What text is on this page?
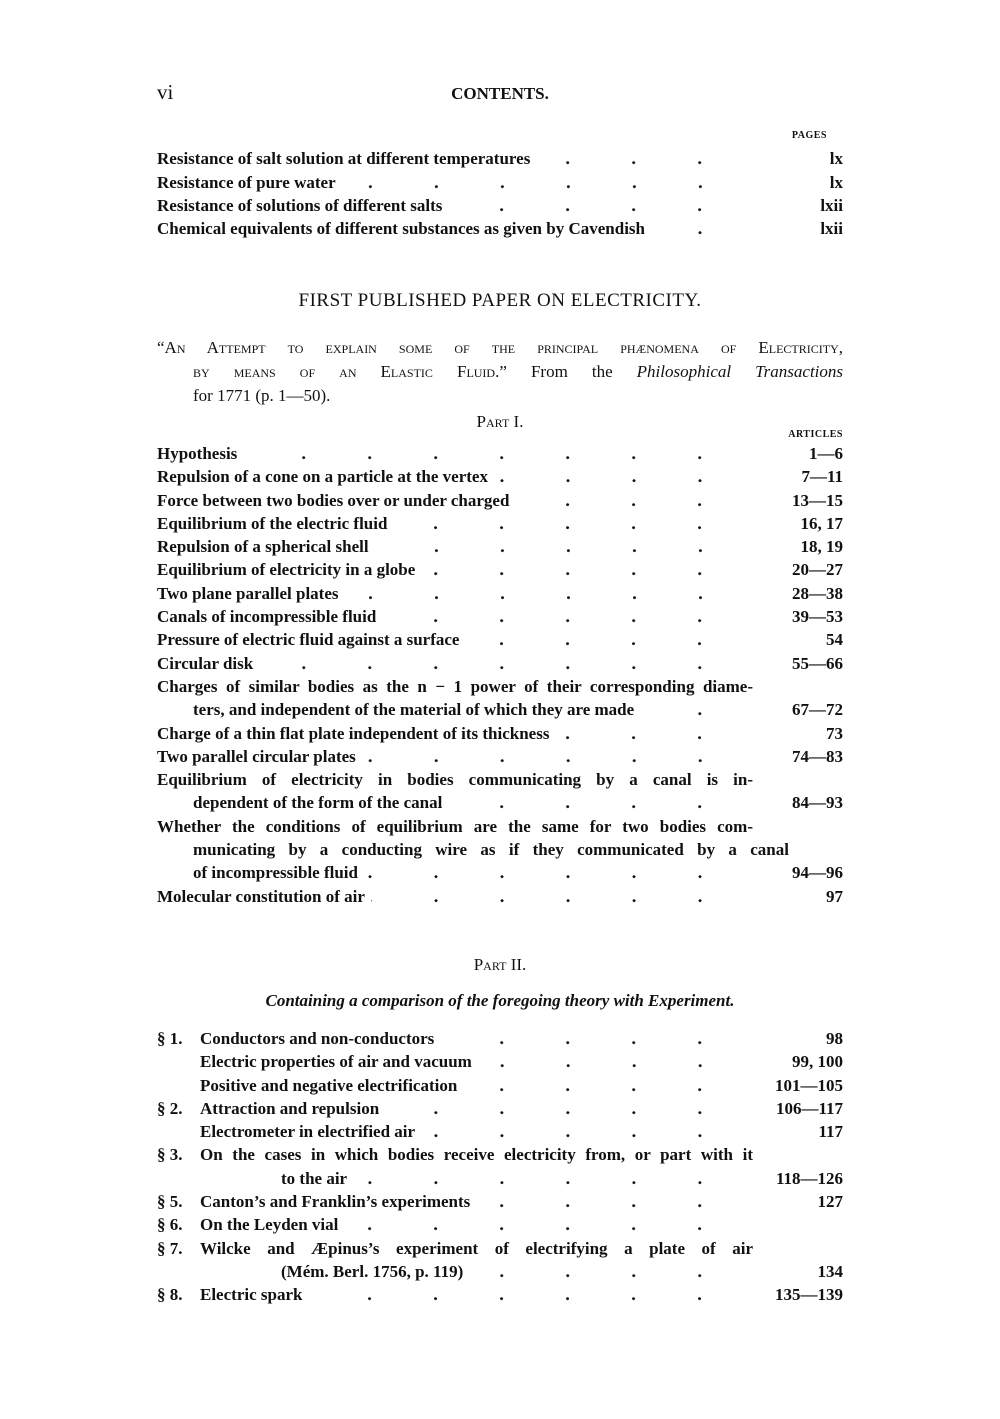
vi	CONTENTS.
PAGES
Resistance of salt solution at different temperatures	lx
Resistance of pure water	lx
Resistance of solutions of different salts	lxii
Chemical equivalents of different substances as given by Cavendish	lxii
FIRST PUBLISHED PAPER ON ELECTRICITY.
“An Attempt to explain some of the principal phænomena of Electricity,
by means of an Elastic Fluid.” From the Philosophical Transactions
for 1771 (p. 1—50).
Part I.
ARTICLES
Hypothesis	1—6
Repulsion of a cone on a particle at the vertex	7—11
Force between two bodies over or under charged	13—15
Equilibrium of the electric fluid	16, 17
Repulsion of a spherical shell	18, 19
Equilibrium of electricity in a globe	20—27
Two plane parallel plates	28—38
Canals of incompressible fluid	39—53
Pressure of electric fluid against a surface	54
Circular disk	55—66
Charges of similar bodies as the n − 1 power of their corresponding diame-
ters, and independent of the material of which they are made	67—72
Charge of a thin flat plate independent of its thickness	73
Two parallel circular plates	74—83
Equilibrium of electricity in bodies communicating by a canal is in-
dependent of the form of the canal	84—93
Whether the conditions of equilibrium are the same for two bodies com-
municating by a conducting wire as if they communicated by a canal
of incompressible fluid	94—96
Molecular constitution of air	97
Part II.
Containing a comparison of the foregoing theory with Experiment.
§ 1.	Conductors and non-conductors	98
Electric properties of air and vacuum	99, 100
Positive and negative electrification	101—105
§ 2.	Attraction and repulsion	106—117
Electrometer in electrified air	117
§ 3.	On the cases in which bodies receive electricity from, or part with it
to the air	118—126
§ 5.	Canton’s and Franklin’s experiments	127
§ 6.	On the Leyden vial
§ 7.	Wilcke and Æpinus’s experiment of electrifying a plate of air
(Mém. Berl. 1756, p. 119)	134
§ 8.	Electric spark	135—139
